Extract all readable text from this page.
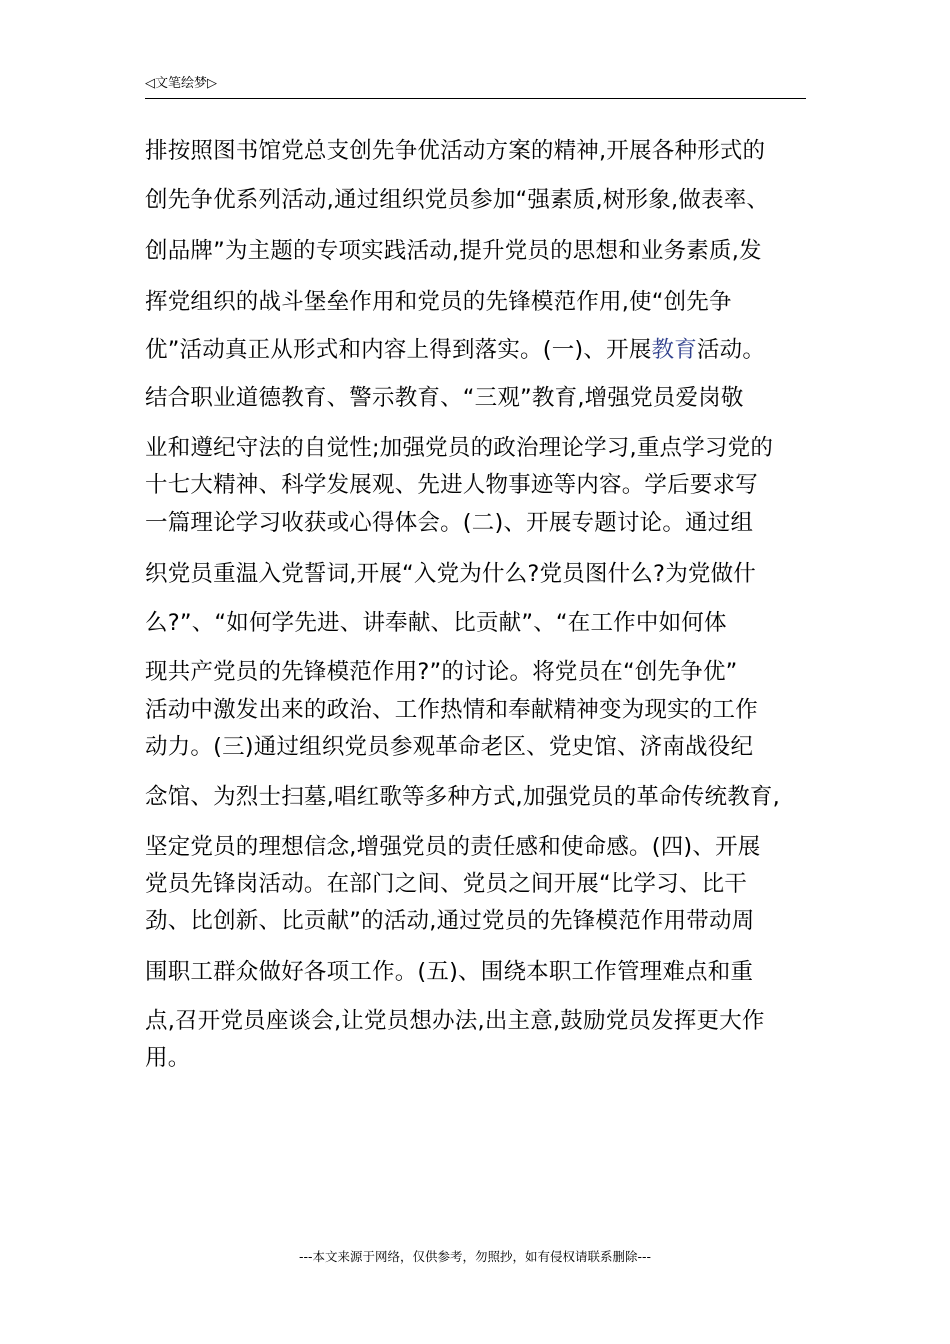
◁文笔绘梦▷
排按照图书馆党总支创先争优活动方案的精神,开展各种形式的
创先争优系列活动,通过组织党员参加“强素质,树形象,做表率、
创品牌”为主题的专项实践活动,提升党员的思想和业务素质,发
挥党组织的战斗堡垒作用和党员的先锋模范作用,使“创先争
优”活动真正从形式和内容上得到落实。(一)、开展教育活动。
结合职业道德教育、警示教育、“三观”教育,增强党员爱岗敬
业和遵纪守法的自觉性;加强党员的政治理论学习,重点学习党的
十七大精神、科学发展观、先进人物事迹等内容。学后要求写
一篇理论学习收获或心得体会。(二)、开展专题讨论。通过组
织党员重温入党誓词,开展“入党为什么?党员图什么?为党做什
么?”、“如何学先进、讲奉献、比贡献”、“在工作中如何体
现共产党员的先锋模范作用?”的讨论。将党员在“创先争优”
活动中激发出来的政治、工作热情和奉献精神变为现实的工作
动力。(三)通过组织党员参观革命老区、党史馆、济南战役纪
念馆、为烈士扫墓,唱红歌等多种方式,加强党员的革命传统教育,
坚定党员的理想信念,增强党员的责任感和使命感。(四)、开展
党员先锋岗活动。在部门之间、党员之间开展“比学习、比干
劲、比创新、比贡献”的活动,通过党员的先锋模范作用带动周
围职工群众做好各项工作。(五)、围绕本职工作管理难点和重
点,召开党员座谈会,让党员想办法,出主意,鼓励党员发挥更大作
用。
---本文来源于网络，仅供参考，勿照抄，如有侵权请联系删除---
